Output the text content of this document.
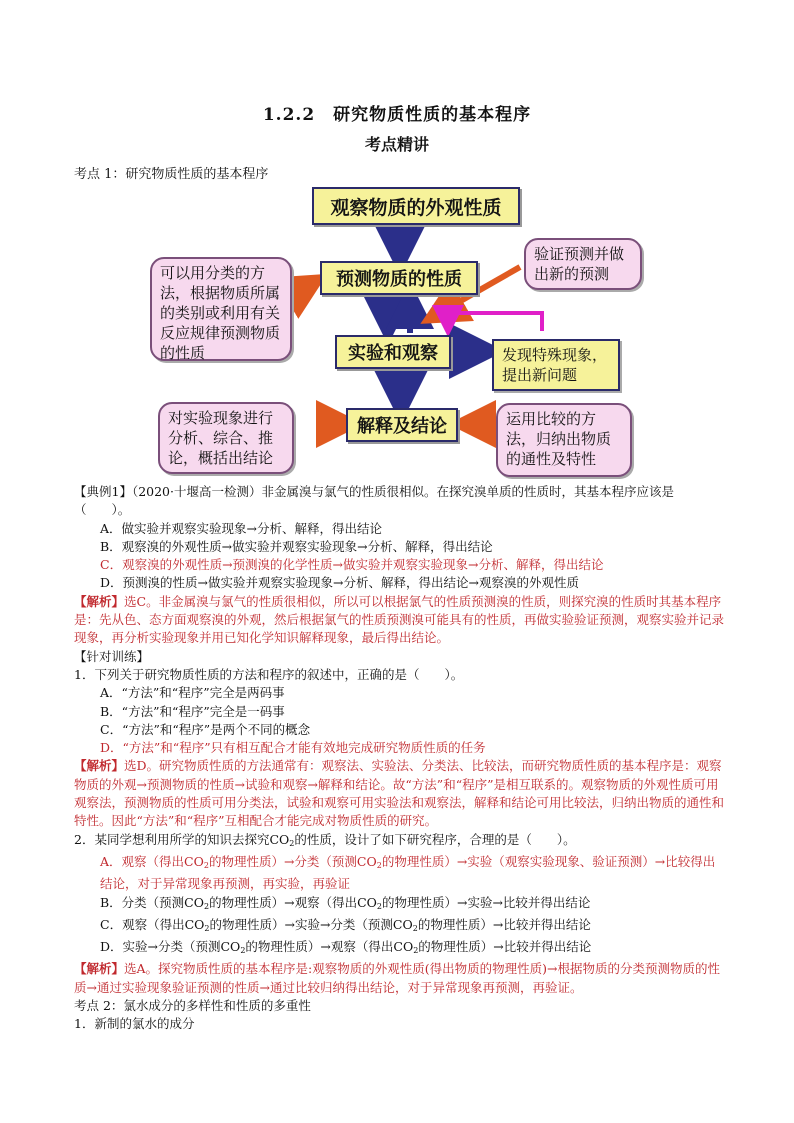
1.2.2　研究物质性质的基本程序
考点精讲
考点 1：研究物质性质的基本程序
观察物质的外观性质
预测物质的性质
实验和观察
解释及结论
可以用分类的方法，根据物质所属的类别或利用有关反应规律预测物质的性质
验证预测并做出新的预测
发现特殊现象，提出新问题
对实验现象进行分析、综合、推论，概括出结论
运用比较的方法，归纳出物质的通性及特性

【典例1】（2020·十堰高一检测）非金属溴与氯气的性质很相似。在探究溴单质的性质时，其基本程序应该是（　　）。

A．做实验并观察实验现象→分析、解释，得出结论

B．观察溴的外观性质→做实验并观察实验现象→分析、解释，得出结论

C．观察溴的外观性质→预测溴的化学性质→做实验并观察实验现象→分析、解释，得出结论

D．预测溴的性质→做实验并观察实验现象→分析、解释，得出结论→观察溴的外观性质

【解析】选C。非金属溴与氯气的性质很相似，所以可以根据氯气的性质预测溴的性质，则探究溴的性质时其基本程序是：先从色、态方面观察溴的外观，然后根据氯气的性质预测溴可能具有的性质，再做实验验证预测，观察实验并记录现象，再分析实验现象并用已知化学知识解释现象，最后得出结论。

【针对训练】

1．下列关于研究物质性质的方法和程序的叙述中，正确的是（　　）。

A．“方法”和“程序”完全是两码事

B．“方法”和“程序”完全是一码事

C．“方法”和“程序”是两个不同的概念

D．“方法”和“程序”只有相互配合才能有效地完成研究物质性质的任务

【解析】选D。研究物质性质的方法通常有：观察法、实验法、分类法、比较法，而研究物质性质的基本程序是：观察物质的外观→预测物质的性质→试验和观察→解释和结论。故“方法”和“程序”是相互联系的。观察物质的外观性质可用观察法，预测物质的性质可用分类法，试验和观察可用实验法和观察法，解释和结论可用比较法，归纳出物质的通性和特性。因此“方法”和“程序”互相配合才能完成对物质性质的研究。

2．某同学想利用所学的知识去探究$CO_2$的性质，设计了如下研究程序，合理的是（　　）。

A．观察（得出$CO_2$的物理性质）→分类（预测$CO_2$的物理性质）→实验（观察实验现象、验证预测）→比较得出结论，对于异常现象再预测，再实验，再验证

B．分类（预测$CO_2$的物理性质）→观察（得出$CO_2$的物理性质）→实验→比较并得出结论

C．观察（得出$CO_2$的物理性质）→实验→分类（预测$CO_2$的物理性质）→比较并得出结论

D．实验→分类（预测$CO_2$的物理性质）→观察（得出$CO_2$的物理性质）→比较并得出结论

【解析】选A。探究物质性质的基本程序是:观察物质的外观性质(得出物质的物理性质)→根据物质的分类预测物质的性质→通过实验现象验证预测的性质→通过比较归纳得出结论，对于异常现象再预测，再验证。

考点 2：氯水成分的多样性和性质的多重性

1．新制的氯水的成分
